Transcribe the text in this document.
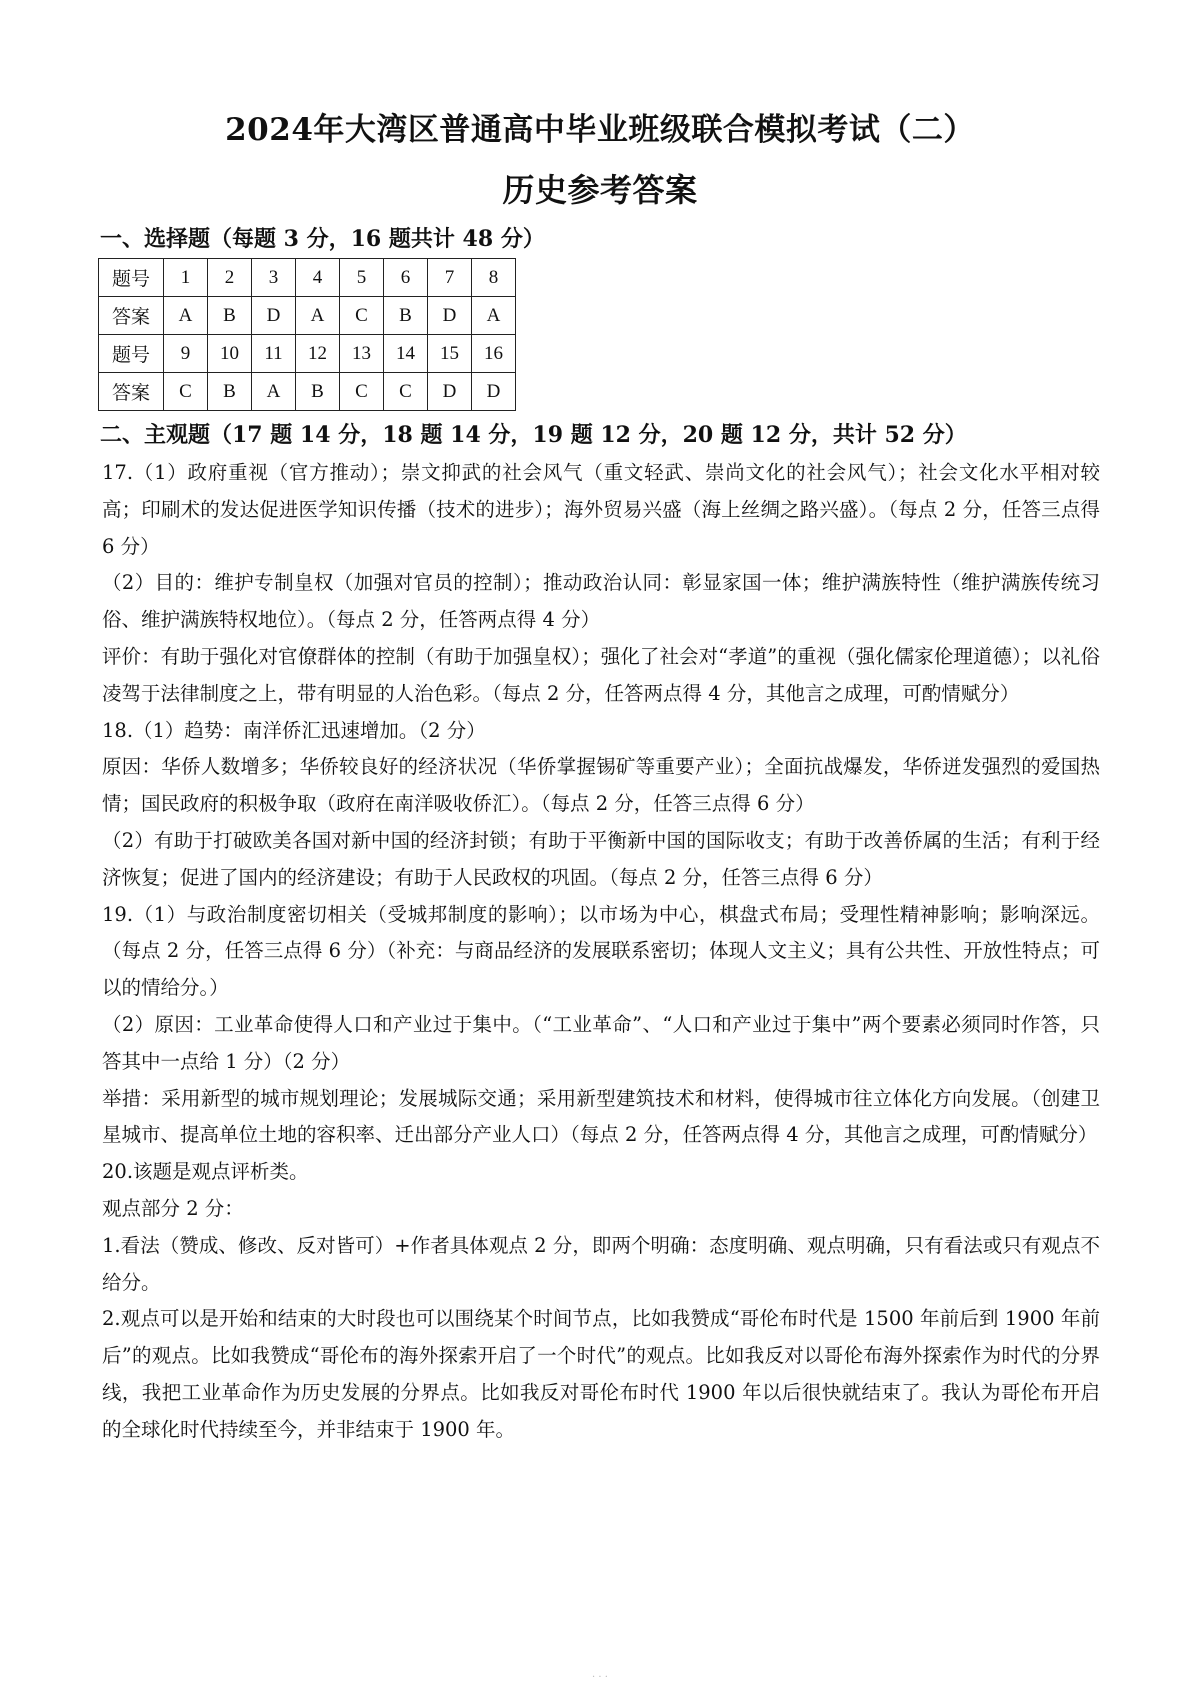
2024年大湾区普通高中毕业班级联合模拟考试（二）
历史参考答案
一、选择题（每题 3 分，16 题共计 48 分）
题号	1	2	3	4	5	6	7	8
答案	A	B	D	A	C	B	D	A
题号	9	10	11	12	13	14	15	16
答案	C	B	A	B	C	C	D	D
二、主观题（17 题 14 分，18 题 14 分，19 题 12 分，20 题 12 分，共计 52 分）

17.（1）政府重视（官方推动）；崇文抑武的社会风气（重文轻武、崇尚文化的社会风气）；社会文化水平相对较高；印刷术的发达促进医学知识传播（技术的进步）；海外贸易兴盛（海上丝绸之路兴盛）。（每点 2 分，任答三点得 6 分）

（2）目的：维护专制皇权（加强对官员的控制）；推动政治认同：彰显家国一体；维护满族特性（维护满族传统习俗、维护满族特权地位）。（每点 2 分，任答两点得 4 分）

评价：有助于强化对官僚群体的控制（有助于加强皇权）；强化了社会对“孝道”的重视（强化儒家伦理道德）；以礼俗凌驾于法律制度之上，带有明显的人治色彩。（每点 2 分，任答两点得 4 分，其他言之成理，可酌情赋分）

18.（1）趋势：南洋侨汇迅速增加。（2 分）

原因：华侨人数增多；华侨较良好的经济状况（华侨掌握锡矿等重要产业）；全面抗战爆发，华侨迸发强烈的爱国热情；国民政府的积极争取（政府在南洋吸收侨汇）。（每点 2 分，任答三点得 6 分）

（2）有助于打破欧美各国对新中国的经济封锁；有助于平衡新中国的国际收支；有助于改善侨属的生活；有利于经济恢复；促进了国内的经济建设；有助于人民政权的巩固。（每点 2 分，任答三点得 6 分）

19.（1）与政治制度密切相关（受城邦制度的影响）；以市场为中心，棋盘式布局；受理性精神影响；影响深远。（每点 2 分，任答三点得 6 分）（补充：与商品经济的发展联系密切；体现人文主义；具有公共性、开放性特点；可以的情给分。）

（2）原因：工业革命使得人口和产业过于集中。（“工业革命”、“人口和产业过于集中”两个要素必须同时作答，只答其中一点给 1 分）（2 分）

举措：采用新型的城市规划理论；发展城际交通；采用新型建筑技术和材料，使得城市往立体化方向发展。（创建卫星城市、提高单位土地的容积率、迁出部分产业人口）（每点 2 分，任答两点得 4 分，其他言之成理，可酌情赋分）

20.该题是观点评析类。

观点部分 2 分：

1.看法（赞成、修改、反对皆可）+作者具体观点 2 分，即两个明确：态度明确、观点明确，只有看法或只有观点不给分。

2.观点可以是开始和结束的大时段也可以围绕某个时间节点，比如我赞成“哥伦布时代是 1500 年前后到 1900 年前后”的观点。比如我赞成“哥伦布的海外探索开启了一个时代”的观点。比如我反对以哥伦布海外探索作为时代的分界线，我把工业革命作为历史发展的分界点。比如我反对哥伦布时代 1900 年以后很快就结束了。我认为哥伦布开启的全球化时代持续至今，并非结束于 1900 年。

· · ·
